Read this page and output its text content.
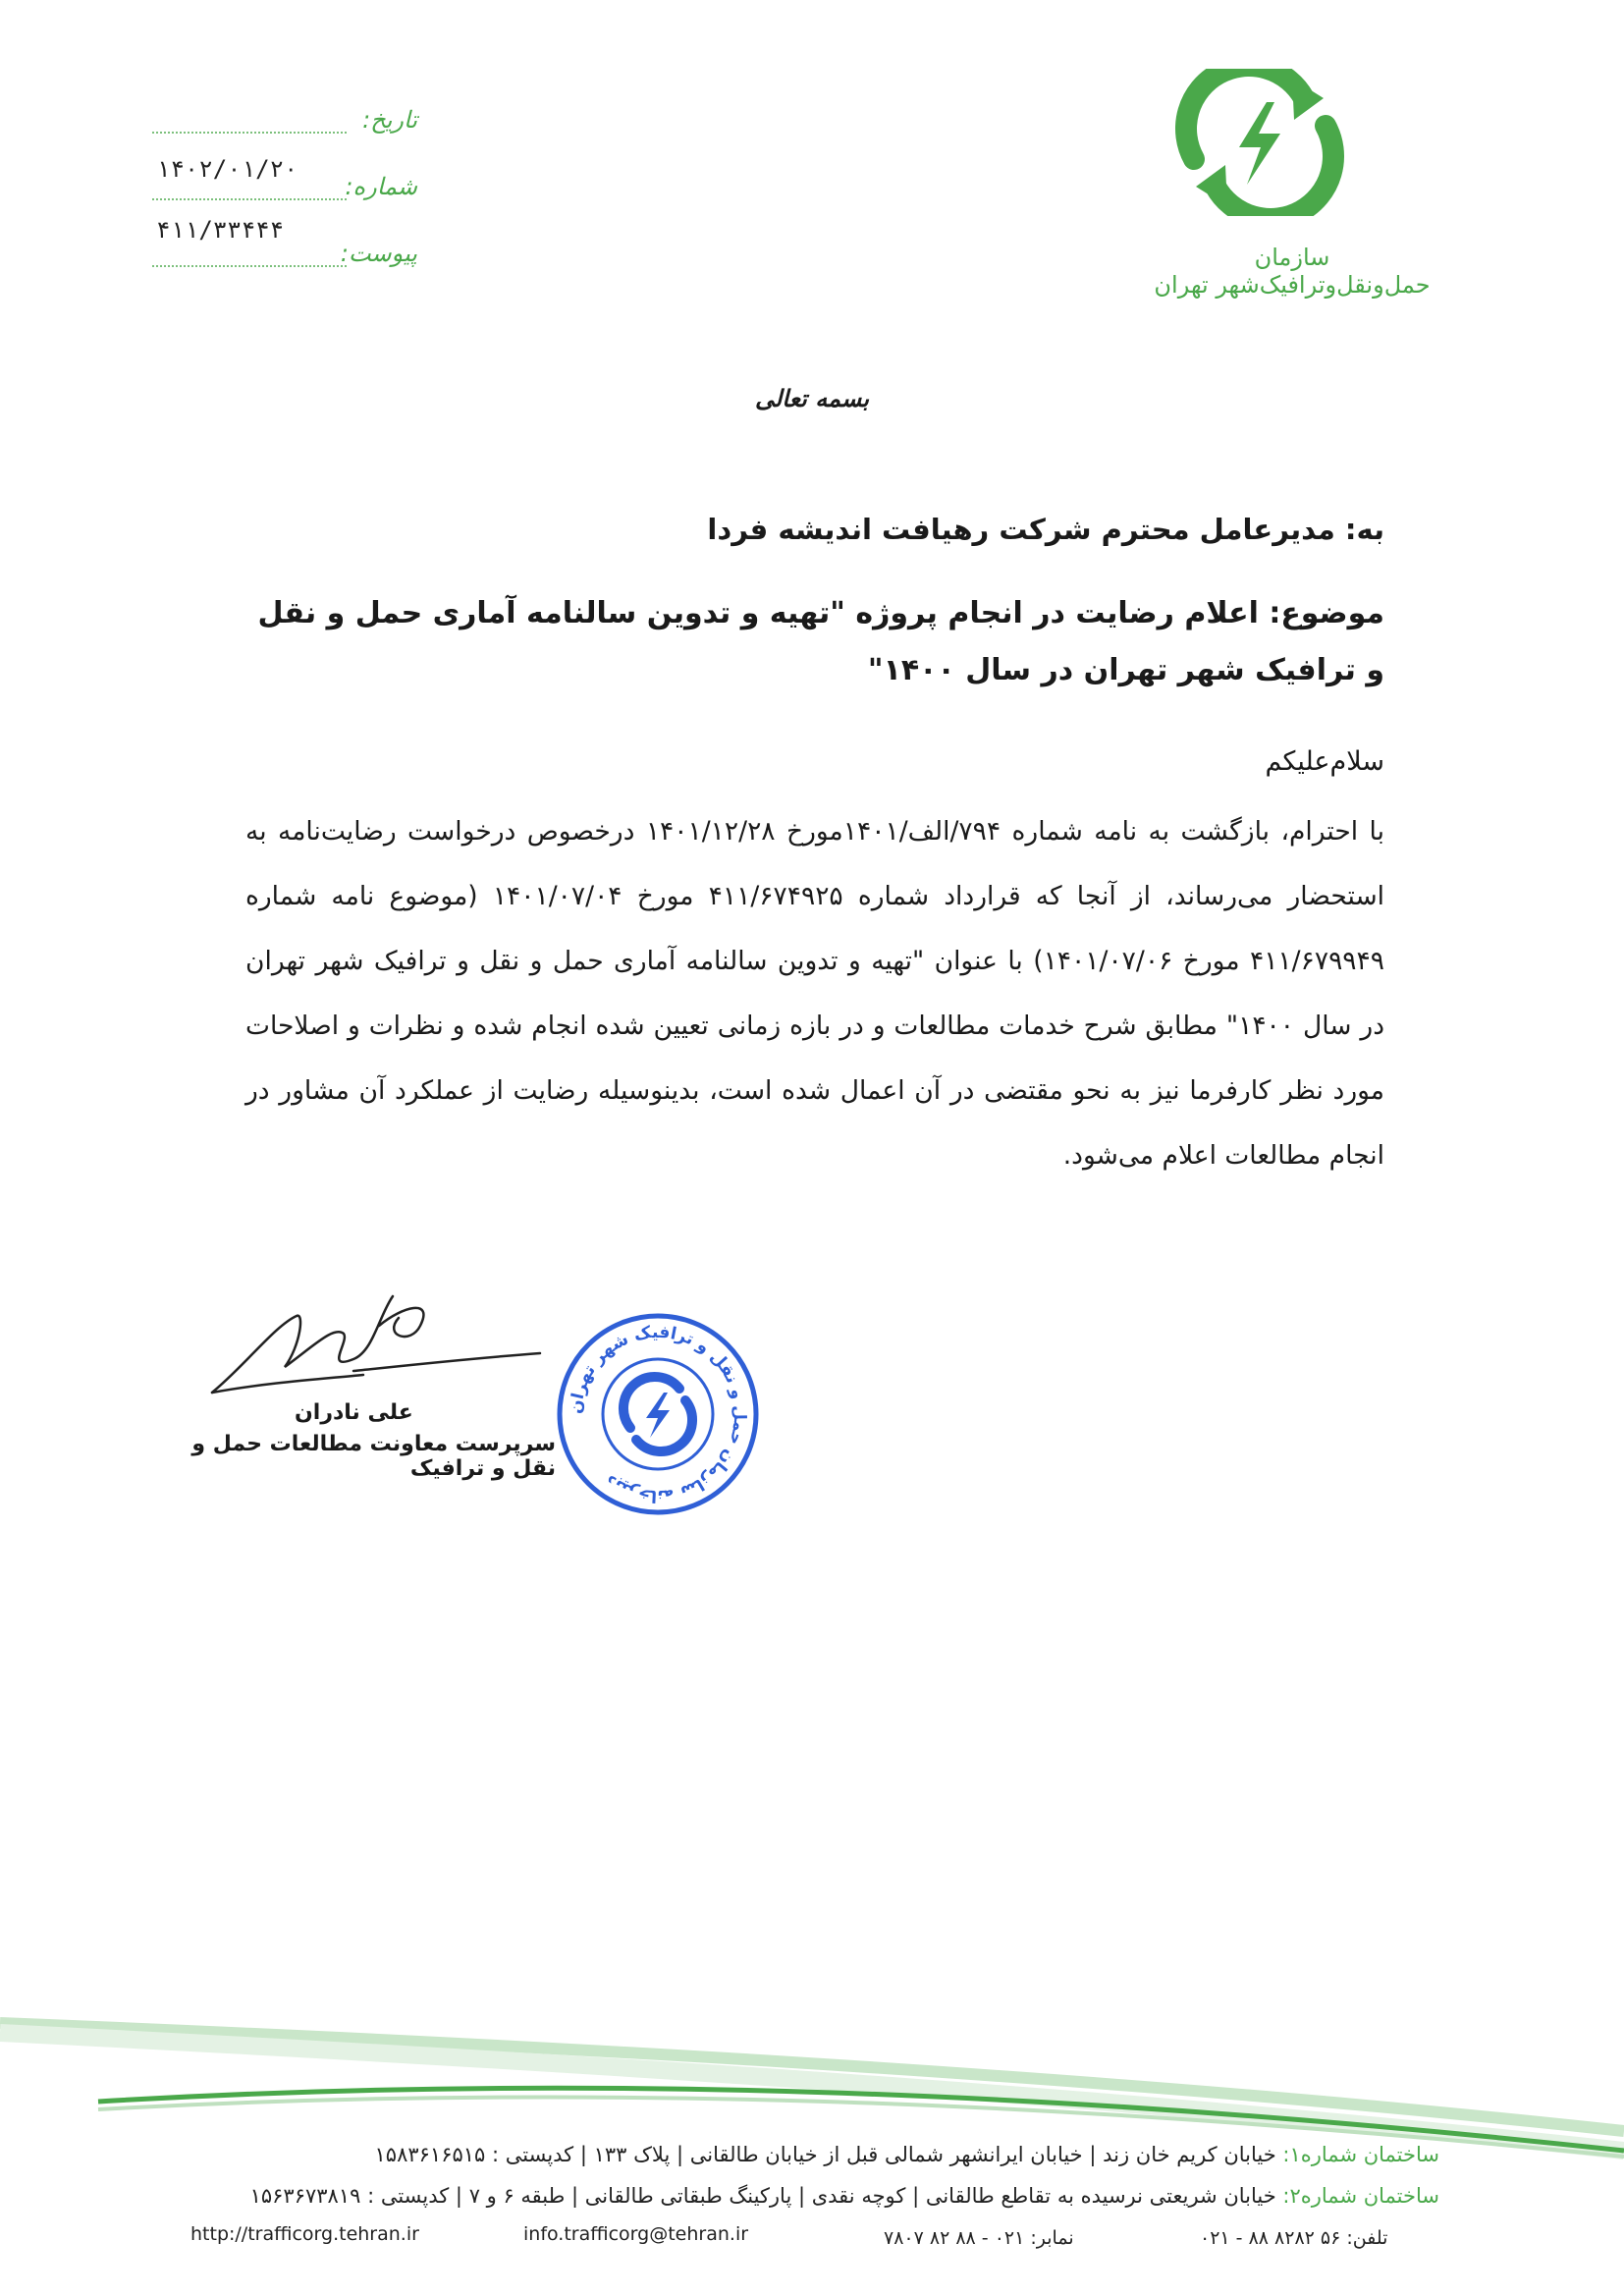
سازمان حمل‌ونقل‌وترافیک‌شهر تهران
تاریخ:
شماره:
۱۴۰۲/۰۱/۲۰
پیوست:
۴۱۱/۳۳۴۴۴
بسمه تعالی
به: مدیرعامل محترم شرکت رهیافت اندیشه فردا
موضوع: اعلام رضایت در انجام پروژه "تهیه و تدوین سالنامه آماری حمل و نقل و ترافیک شهر تهران در سال ۱۴۰۰"
سلام‌علیکم
با احترام، بازگشت به نامه شماره ۷۹۴/الف/۱۴۰۱مورخ ۱۴۰۱/۱۲/۲۸ درخصوص درخواست رضایت‌نامه به استحضار می‌رساند، از آنجا که قرارداد شماره ۴۱۱/۶۷۴۹۲۵ مورخ ۱۴۰۱/۰۷/۰۴ (موضوع نامه شماره ۴۱۱/۶۷۹۹۴۹ مورخ ۱۴۰۱/۰۷/۰۶) با عنوان "تهیه و تدوین سالنامه آماری حمل و نقل و ترافیک شهر تهران در سال ۱۴۰۰" مطابق شرح خدمات مطالعات و در بازه زمانی تعیین شده انجام شده و نظرات و اصلاحات مورد نظر کارفرما نیز به نحو مقتضی در آن اعمال شده است، بدینوسیله رضایت از عملکرد آن مشاور در انجام مطالعات اعلام می‌شود.
علی نادران
سرپرست معاونت مطالعات حمل و نقل و ترافیک
دبیرخانه سازمان حمل و نقل و ترافیک شهر تهران
ساختمان شماره۱: خیابان کریم خان زند | خیابان ایرانشهر شمالی قبل از خیابان طالقانی | پلاک ۱۳۳ | کدپستی : ۱۵۸۳۶۱۶۵۱۵
ساختمان شماره۲: خیابان شریعتی نرسیده به تقاطع طالقانی | کوچه نقدی | پارکینگ طبقاتی طالقانی | طبقه ۶ و ۷ | کدپستی : ۱۵۶۳۶۷۳۸۱۹
http://trafficorg.tehran.ir	info.trafficorg@tehran.ir	نمابر: ۰۲۱ - ۸۸ ۸۲ ۷۸۰۷	تلفن: ۵۶ ۸۲۸۲ ۸۸ - ۰۲۱
